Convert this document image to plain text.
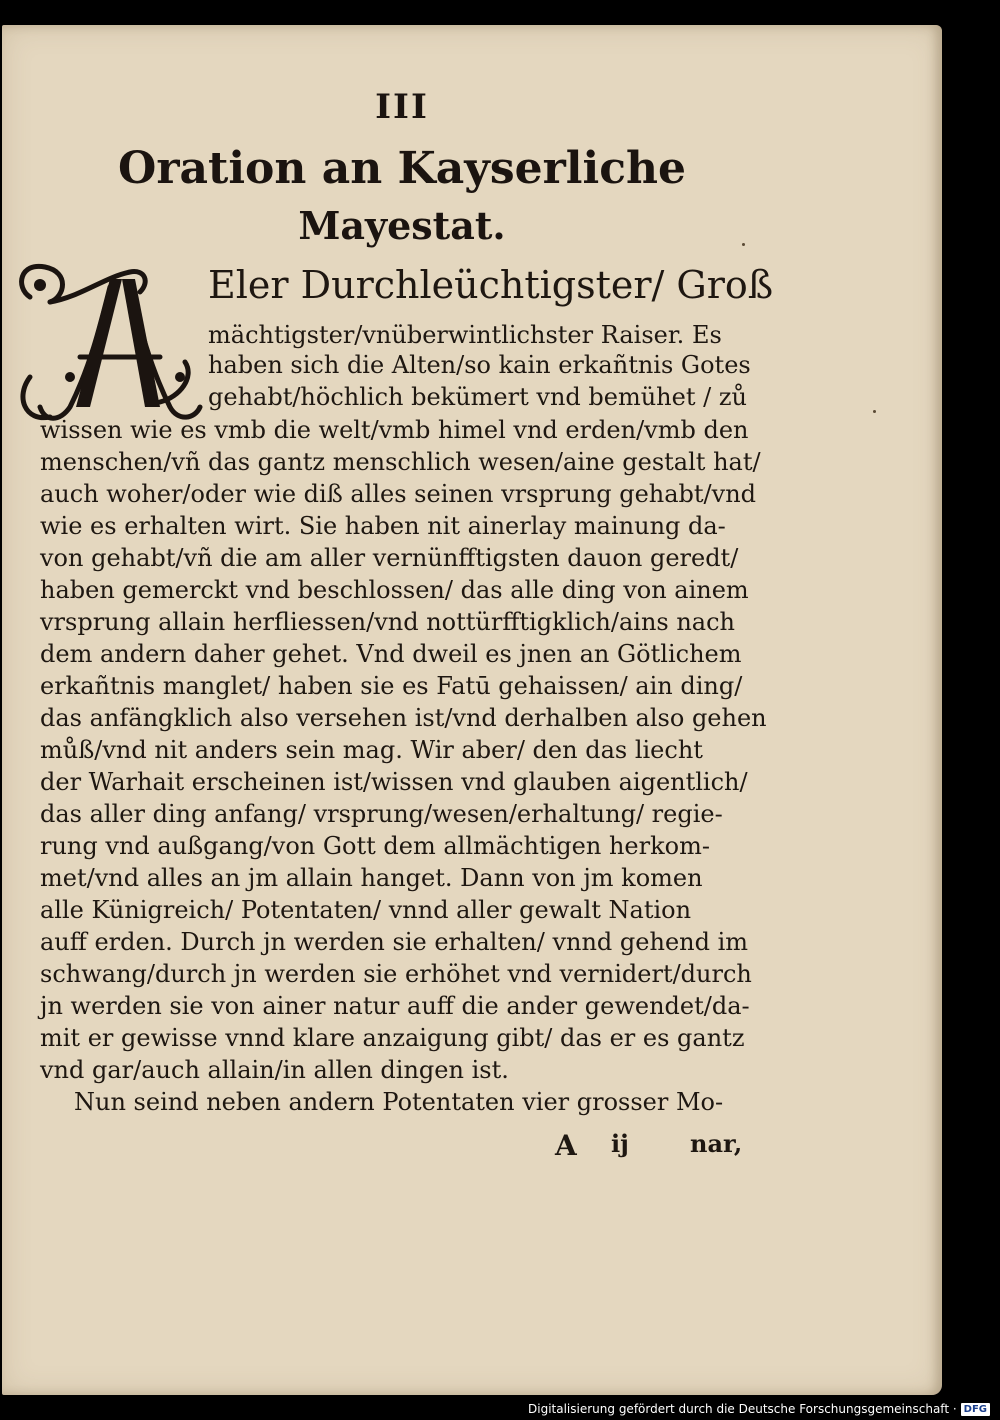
III
Oration an Kayserliche
Mayestat.
Eler Durchleüchtigster/ Groß
mächtigster/vnüberwintlichster Raiser. Es
haben sich die Alten/so kain erkañtnis Gotes
gehabt/höchlich bekümert vnd bemühet / zů
wissen wie es vmb die welt/vmb himel vnd erden/vmb den
menschen/vñ das gantz menschlich wesen/aine gestalt hat/
auch woher/oder wie diß alles seinen vrsprung gehabt/vnd
wie es erhalten wirt. Sie haben nit ainerlay mainung da-
von gehabt/vñ die am aller vernünfftigsten dauon geredt/
haben gemerckt vnd beschlossen/ das alle ding von ainem
vrsprung allain herfliessen/vnd nottürfftigklich/ains nach
dem andern daher gehet. Vnd dweil es jnen an Götlichem
erkañtnis manglet/ haben sie es Fatū gehaissen/ ain ding/
das anfängklich also versehen ist/vnd derhalben also gehen
můß/vnd nit anders sein mag. Wir aber/ den das liecht
der Warhait erscheinen ist/wissen vnd glauben aigentlich/
das aller ding anfang/ vrsprung/wesen/erhaltung/ regie-
rung vnd außgang/von Gott dem allmächtigen herkom-
met/vnd alles an jm allain hanget. Dann von jm komen
alle Künigreich/ Potentaten/ vnnd aller gewalt Nation
auff erden. Durch jn werden sie erhalten/ vnnd gehend im
schwang/durch jn werden sie erhöhet vnd vernidert/durch
jn werden sie von ainer natur auff die ander gewendet/da-
mit er gewisse vnnd klare anzaigung gibt/ das er es gantz
vnd gar/auch allain/in allen dingen ist.
Nun seind neben andern Potentaten vier grosser Mo-
A ij	nar,
Digitalisierung gefördert durch die Deutsche Forschungsgemeinschaft · DFG
